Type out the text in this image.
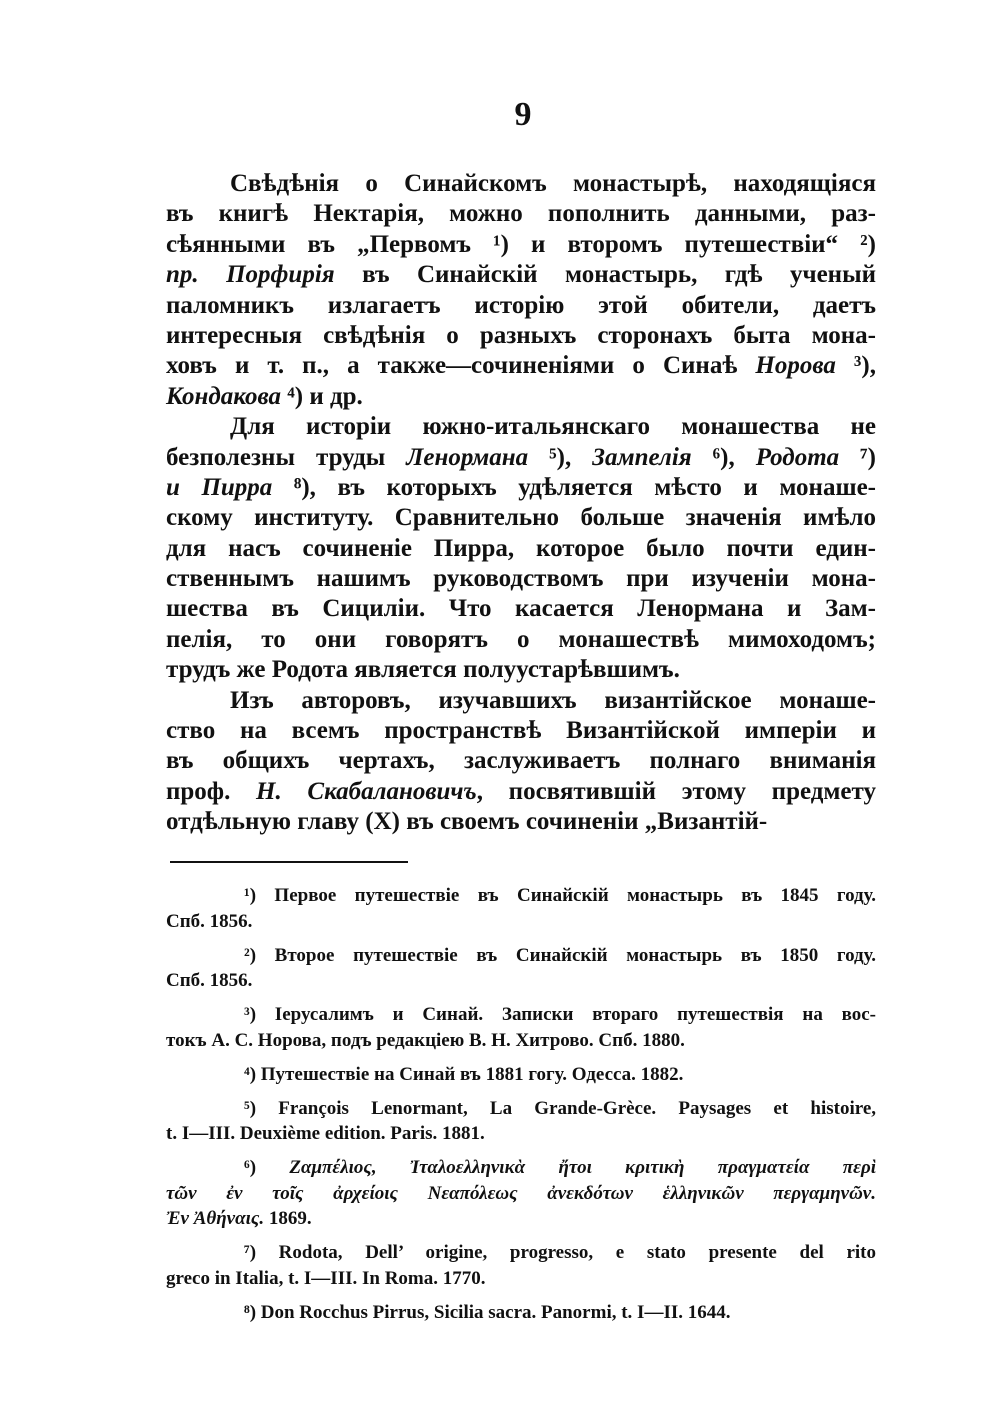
9
Свѣдѣнія о Синайскомъ монастырѣ, находящіяся
въ книгѣ Нектарія, можно пополнить данными, раз-
сѣянными въ „Первомъ ¹) и второмъ путешествіи“ ²)
пр. Порфирія въ Синайскій монастырь, гдѣ ученый
паломникъ излагаетъ исторію этой обители, даетъ
интересныя свѣдѣнія о разныхъ сторонахъ быта мона-
ховъ и т. п., а также—сочиненіями о Синаѣ Норова ³),
Кондакова ⁴) и др.
Для исторіи южно-итальянскаго монашества не
безполезны труды Ленормана ⁵), Зампелія ⁶), Родота ⁷)
и Пирра ⁸), въ которыхъ удѣляется мѣсто и монаше-
скому институту. Сравнительно больше значенія имѣло
для насъ сочиненіе Пирра, которое было почти един-
ственнымъ нашимъ руководствомъ при изученіи мона-
шества въ Сициліи. Что касается Ленормана и Зам-
пелія, то они говорятъ о монашествѣ мимоходомъ;
трудъ же Родота является полуустарѣвшимъ.
Изъ авторовъ, изучавшихъ византійское монаше-
ство на всемъ пространствѣ Византійской имперіи и
въ общихъ чертахъ, заслуживаетъ полнаго вниманія
проф. Н. Скабалановичъ, посвятившій этому предмету
отдѣльную главу (X) въ своемъ сочиненіи „Византій-
¹) Первое путешествіе въ Синайскій монастырь въ 1845 году.
Спб. 1856.
²) Второе путешествіе въ Синайскій монастырь въ 1850 году.
Спб. 1856.
³) Іерусалимъ и Синай. Записки втораго путешествія на вос-
токъ А. С. Норова, подъ редакціею В. Н. Хитрово. Спб. 1880.
⁴) Путешествіе на Синай въ 1881 гогу. Одесса. 1882.
⁵) François Lenormant, La Grande-Grèce. Paysages et histoire,
t. I—III. Deuxième edition. Paris. 1881.
⁶) Ζαμπέλιος, Ἰταλοελληνικὰ ἤτοι κριτικὴ πραγματεία περὶ
τῶν ἐν τοῖς ἀρχείοις Νεαπόλεως ἀνεκδότων ἑλληνικῶν περγαμηνῶν.
Ἐν Ἀθήναις. 1869.
⁷) Rodota, Dell’ origine, progresso, e stato presente del rito
greco in Italia, t. I—III. In Roma. 1770.
⁸) Don Rocchus Pirrus, Sicilia sacra. Panormi, t. I—II. 1644.
